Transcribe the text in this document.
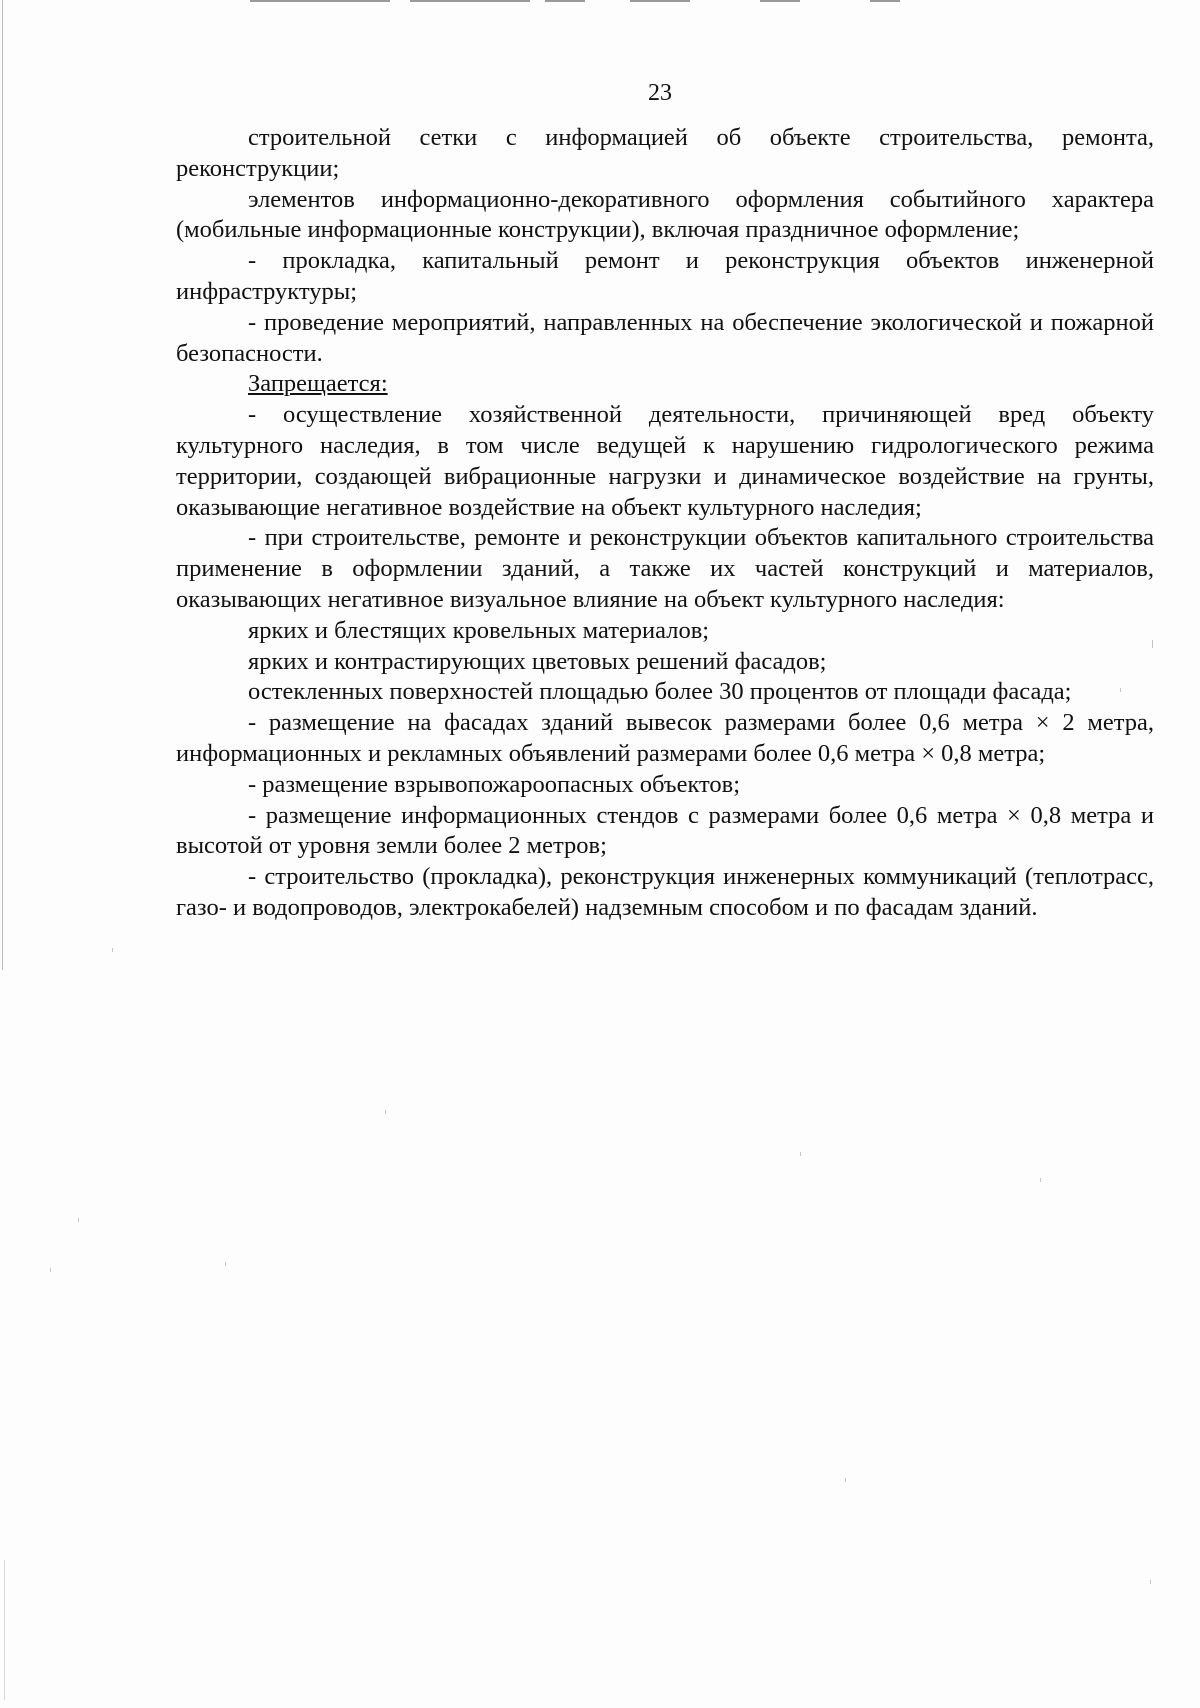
23

строительной сетки с информацией об объекте строительства, ремонта, реконструкции;

элементов информационно-декоративного оформления событийного характера (мобильные информационные конструкции), включая праздничное оформление;

- прокладка, капитальный ремонт и реконструкция объектов инженерной инфраструктуры;

- проведение мероприятий, направленных на обеспечение экологической и пожарной безопасности.

Запрещается:

- осуществление хозяйственной деятельности, причиняющей вред объекту культурного наследия, в том числе ведущей к нарушению гидрологического режима территории, создающей вибрационные нагрузки и динамическое воздействие на грунты, оказывающие негативное воздействие на объект культурного наследия;

- при строительстве, ремонте и реконструкции объектов капитального строительства применение в оформлении зданий, а также их частей конструкций и материалов, оказывающих негативное визуальное влияние на объект культурного наследия:

ярких и блестящих кровельных материалов;

ярких и контрастирующих цветовых решений фасадов;

остекленных поверхностей площадью более 30 процентов от площади фасада;

- размещение на фасадах зданий вывесок размерами более 0,6 метра × 2 метра, информационных и рекламных объявлений размерами более 0,6 метра × 0,8 метра;

- размещение взрывопожароопасных объектов;

- размещение информационных стендов с размерами более 0,6 метра × 0,8 метра и высотой от уровня земли более 2 метров;

- строительство (прокладка), реконструкция инженерных коммуникаций (теплотрасс, газо- и водопроводов, электрокабелей) надземным способом и по фасадам зданий.
